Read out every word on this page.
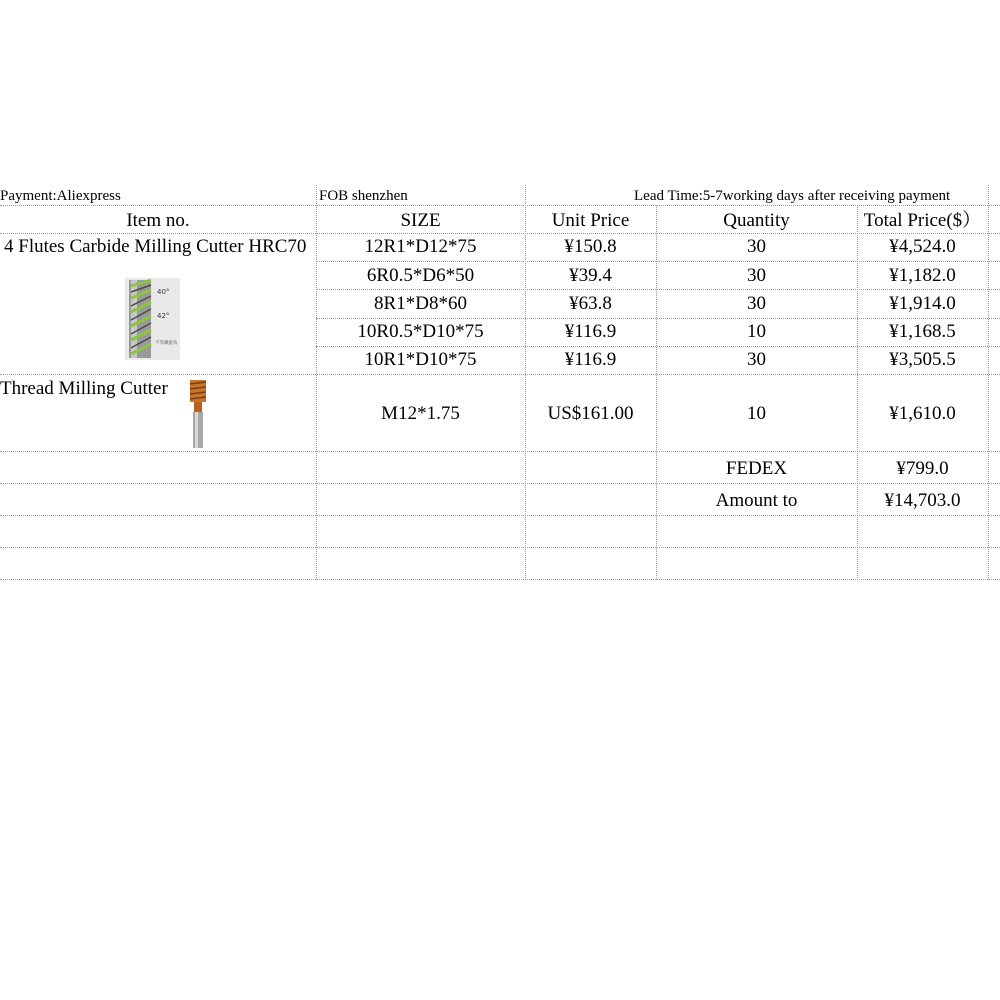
Payment:Aliexpress	FOB shenzhen	Lead Time:5-7working days after receiving payment
Item no.	SIZE	Unit Price	Quantity	Total Price($）
4 Flutes Carbide Milling Cutter HRC70
40°
42°
不等螺旋角
12R1*D12*75	¥150.8	30	¥4,524.0
6R0.5*D6*50	¥39.4	30	¥1,182.0
8R1*D8*60	¥63.8	30	¥1,914.0
10R0.5*D10*75	¥116.9	10	¥1,168.5
10R1*D10*75	¥116.9	30	¥3,505.5
Thread Milling Cutter
M12*1.75	US$161.00	10	¥1,610.0
FEDEX	¥799.0
Amount to	¥14,703.0
